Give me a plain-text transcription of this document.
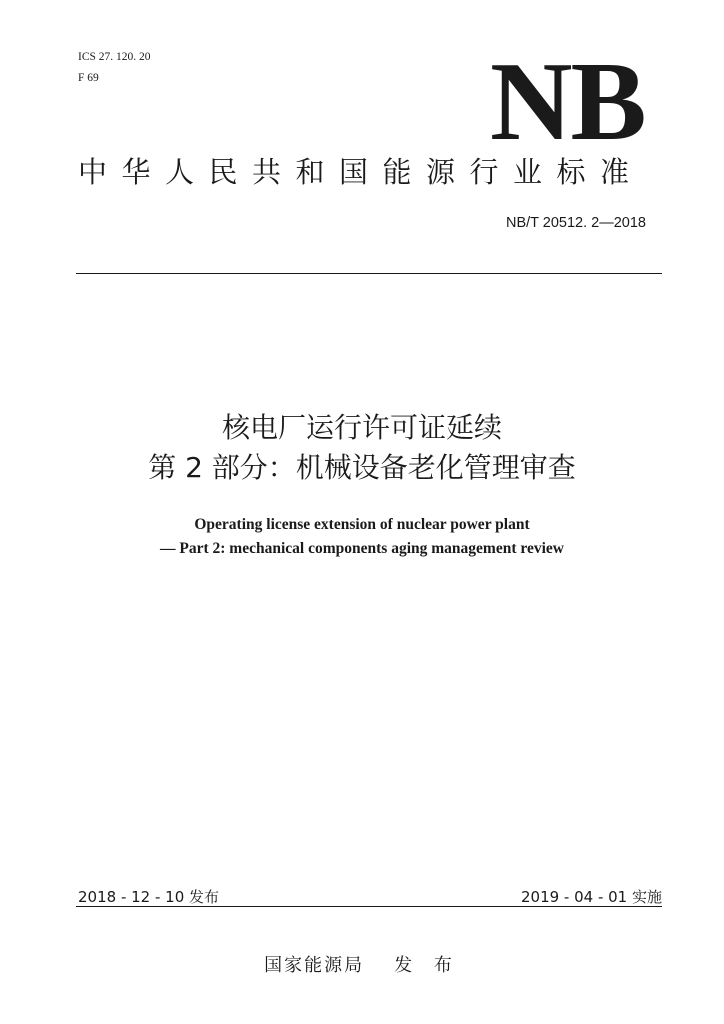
ICS 27. 120. 20
F 69	NB
中华人民共和国能源行业标准
NB/T 20512. 2—2018
核电厂运行许可证延续
第 2 部分：机械设备老化管理审查
Operating license extension of nuclear power plant
— Part 2: mechanical components aging management review
2018 - 12 - 10 发布	2019 - 04 - 01 实施
国家能源局 发 布
